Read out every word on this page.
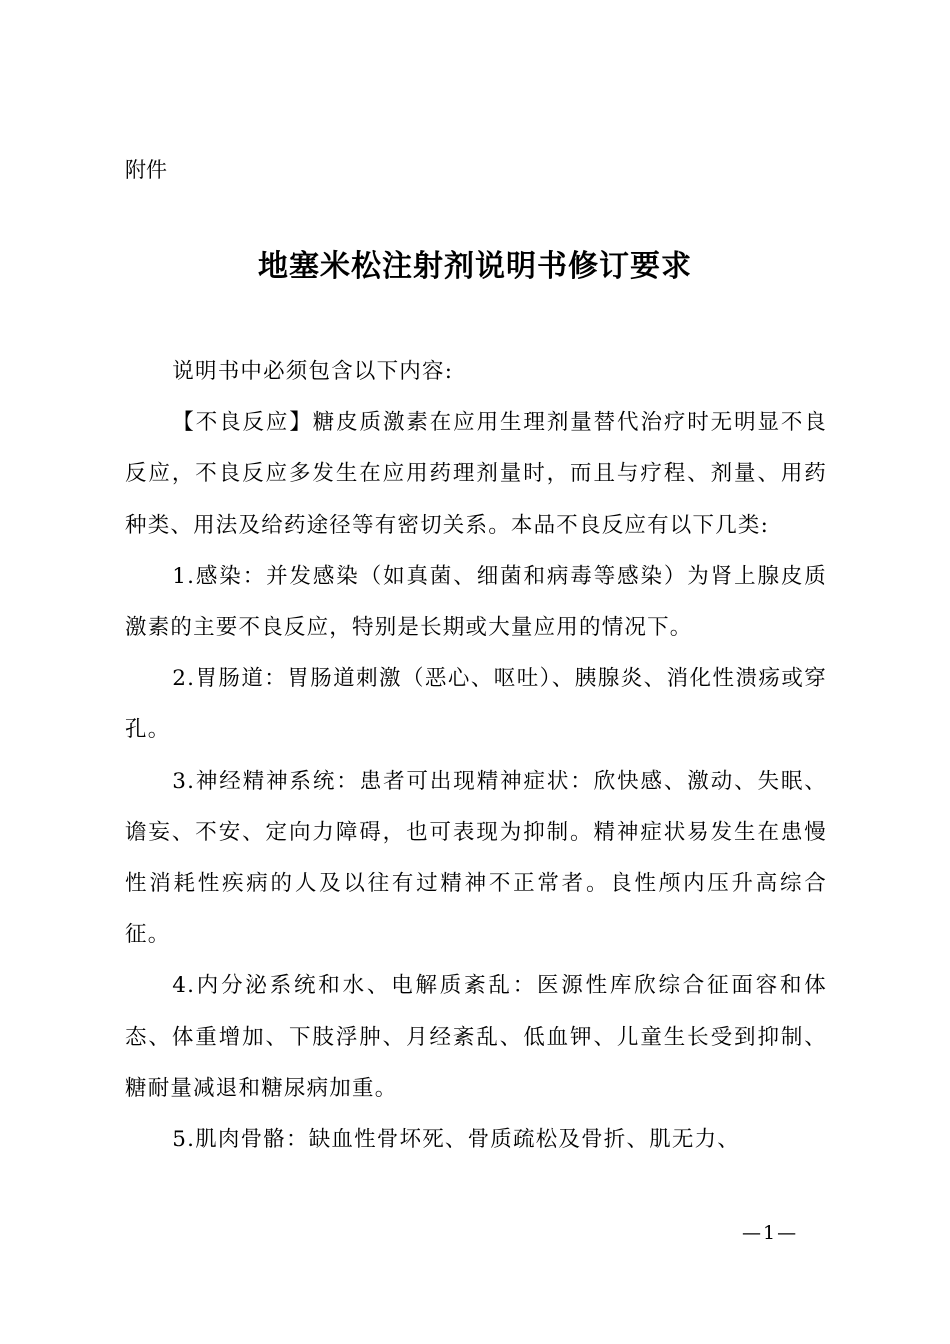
附件
地塞米松注射剂说明书修订要求

说明书中必须包含以下内容:

【不良反应】糖皮质激素在应用生理剂量替代治疗时无明显不良反应，不良反应多发生在应用药理剂量时，而且与疗程、剂量、用药种类、用法及给药途径等有密切关系。本品不良反应有以下几类:

1.感染：并发感染（如真菌、细菌和病毒等感染）为肾上腺皮质激素的主要不良反应，特别是长期或大量应用的情况下。

2.胃肠道：胃肠道刺激（恶心、呕吐）、胰腺炎、消化性溃疡或穿孔。

3.神经精神系统：患者可出现精神症状：欣快感、激动、失眠、谵妄、不安、定向力障碍，也可表现为抑制。精神症状易发生在患慢性消耗性疾病的人及以往有过精神不正常者。良性颅内压升高综合征。

4.内分泌系统和水、电解质紊乱：医源性库欣综合征面容和体态、体重增加、下肢浮肿、月经紊乱、低血钾、儿童生长受到抑制、糖耐量减退和糖尿病加重。

5.肌肉骨骼：缺血性骨坏死、骨质疏松及骨折、肌无力、

—1—
